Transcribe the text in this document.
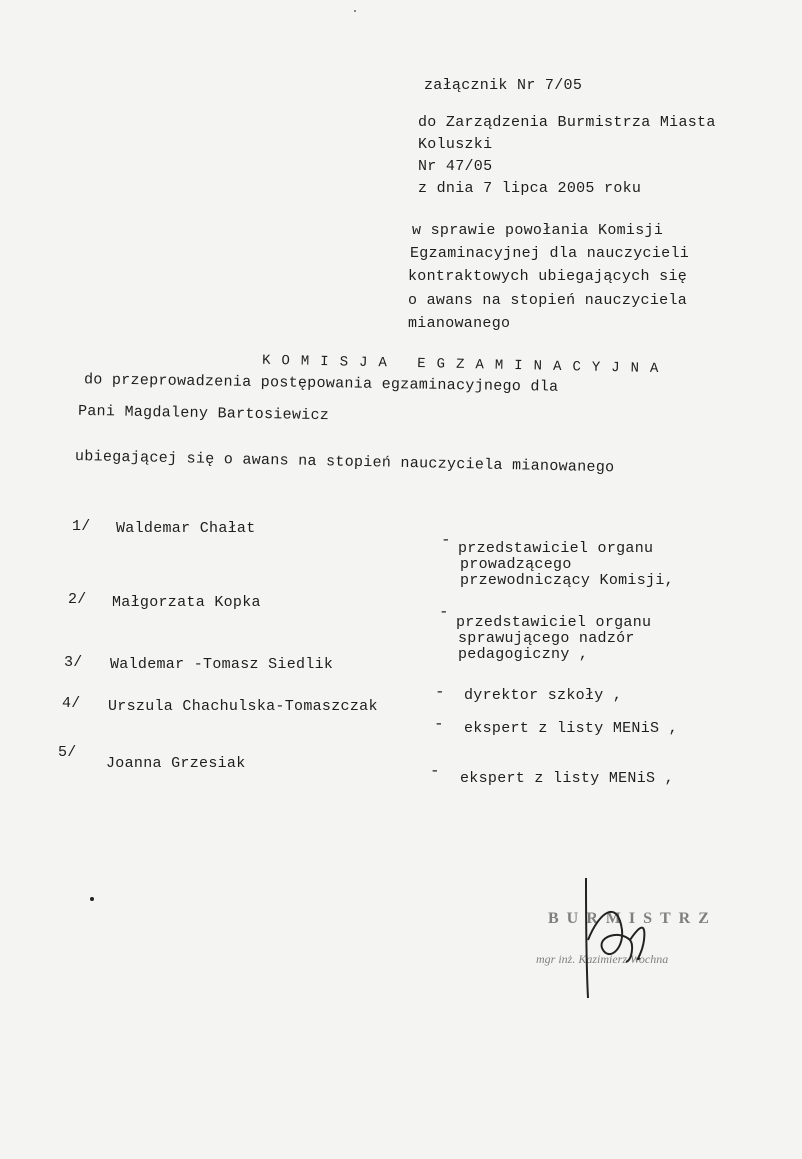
załącznik Nr 7/05
do Zarządzenia Burmistrza Miasta
Koluszki
Nr 47/05
z dnia 7 lipca 2005 roku
w sprawie powołania Komisji
Egzaminacyjnej dla nauczycieli
kontraktowych ubiegających się
o awans na stopień nauczyciela
mianowanego
KOMISJA EGZAMINACYJNA
do przeprowadzenia postępowania egzaminacyjnego dla
Pani Magdaleny Bartosiewicz
ubiegającej się o awans na stopień nauczyciela mianowanego
1/ Waldemar Chałat
- przedstawiciel organu
prowadzącego
przewodniczący Komisji,
2/ Małgorzata Kopka
-
przedstawiciel organu
sprawującego nadzór
pedagogiczny ,
3/ Waldemar -Tomasz Siedlik
4/ Urszula Chachulska-Tomaszczak
- dyrektor szkoły ,
- ekspert z listy MENiS ,
5/
Joanna Grzesiak	- ekspert z listy MENiS ,
BURMISTRZ
mgr inż. Kazimierz Wochna
